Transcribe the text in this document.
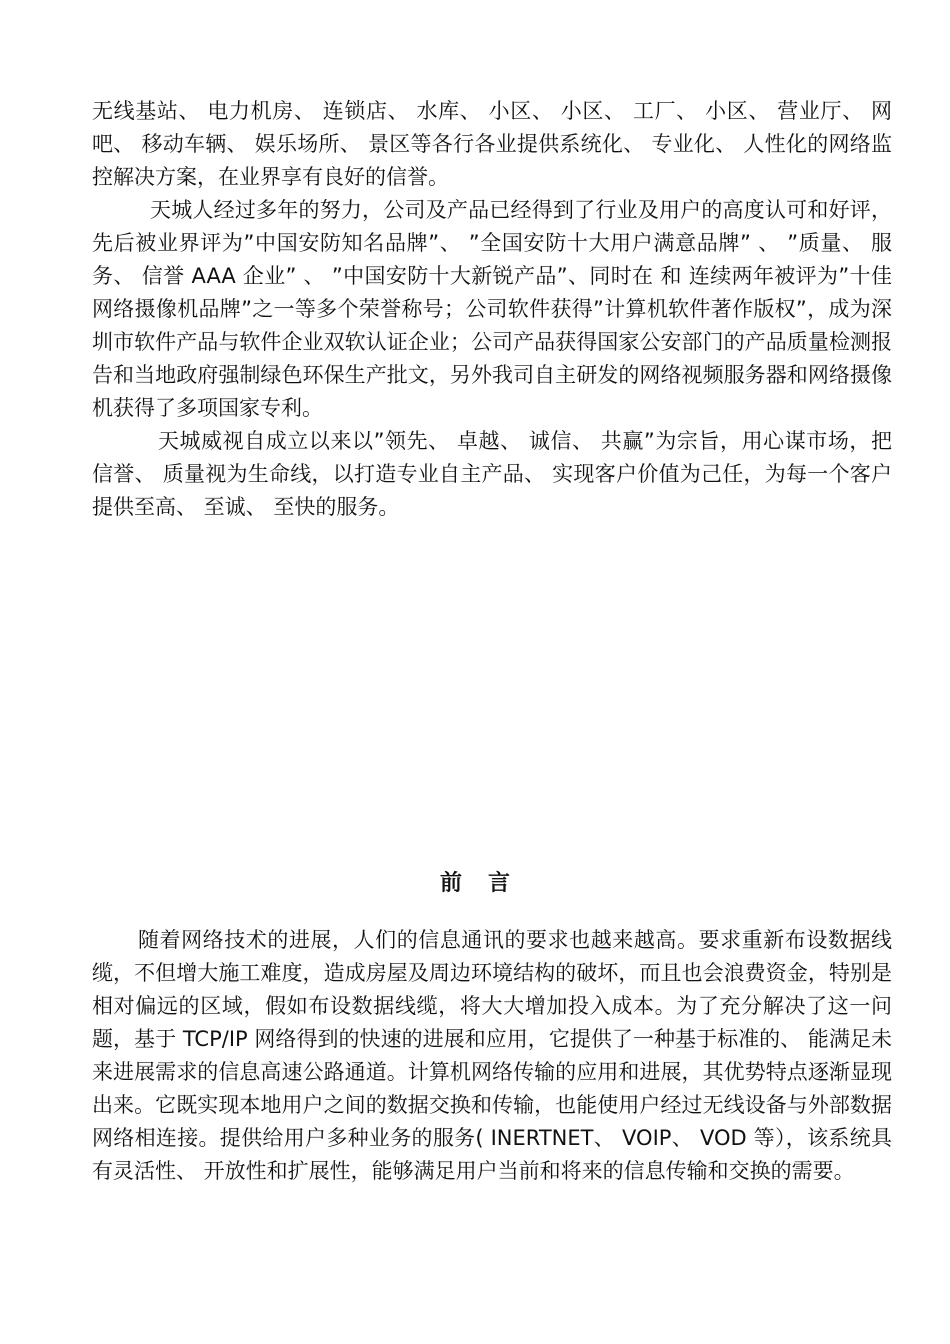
无线基站、 电力机房、 连锁店、 水库、 小区、 小区、 工厂、 小区、 营业厅、 网吧、 移动车辆、 娱乐场所、 景区等各行各业提供系统化、 专业化、 人性化的网络监控解决方案，在业界享有良好的信誉。

天城人经过多年的努力，公司及产品已经得到了行业及用户的高度认可和好评，先后被业界评为”中国安防知名品牌”、 ”全国安防十大用户满意品牌” 、 ”质量、 服务、 信誉 AAA 企业” 、 ”中国安防十大新锐产品”、同时在 和 连续两年被评为”十佳网络摄像机品牌”之一等多个荣誉称号；公司软件获得”计算机软件著作版权”，成为深圳市软件产品与软件企业双软认证企业；公司产品获得国家公安部门的产品质量检测报告和当地政府强制绿色环保生产批文，另外我司自主研发的网络视频服务器和网络摄像机获得了多项国家专利。

天城威视自成立以来以”领先、 卓越、 诚信、 共赢”为宗旨，用心谋市场，把信誉、 质量视为生命线，以打造专业自主产品、 实现客户价值为己任，为每一个客户提供至高、 至诚、 至快的服务。

前言

随着网络技术的进展，人们的信息通讯的要求也越来越高。要求重新布设数据线缆，不但增大施工难度，造成房屋及周边环境结构的破坏，而且也会浪费资金，特别是相对偏远的区域，假如布设数据线缆，将大大增加投入成本。为了充分解决了这一问题，基于 TCP/IP 网络得到的快速的进展和应用，它提供了一种基于标准的、 能满足未来进展需求的信息高速公路通道。计算机网络传输的应用和进展，其优势特点逐渐显现出来。它既实现本地用户之间的数据交换和传输，也能使用户经过无线设备与外部数据网络相连接。提供给用户多种业务的服务( INERTNET、 VOIP、 VOD 等），该系统具有灵活性、 开放性和扩展性，能够满足用户当前和将来的信息传输和交换的需要。
